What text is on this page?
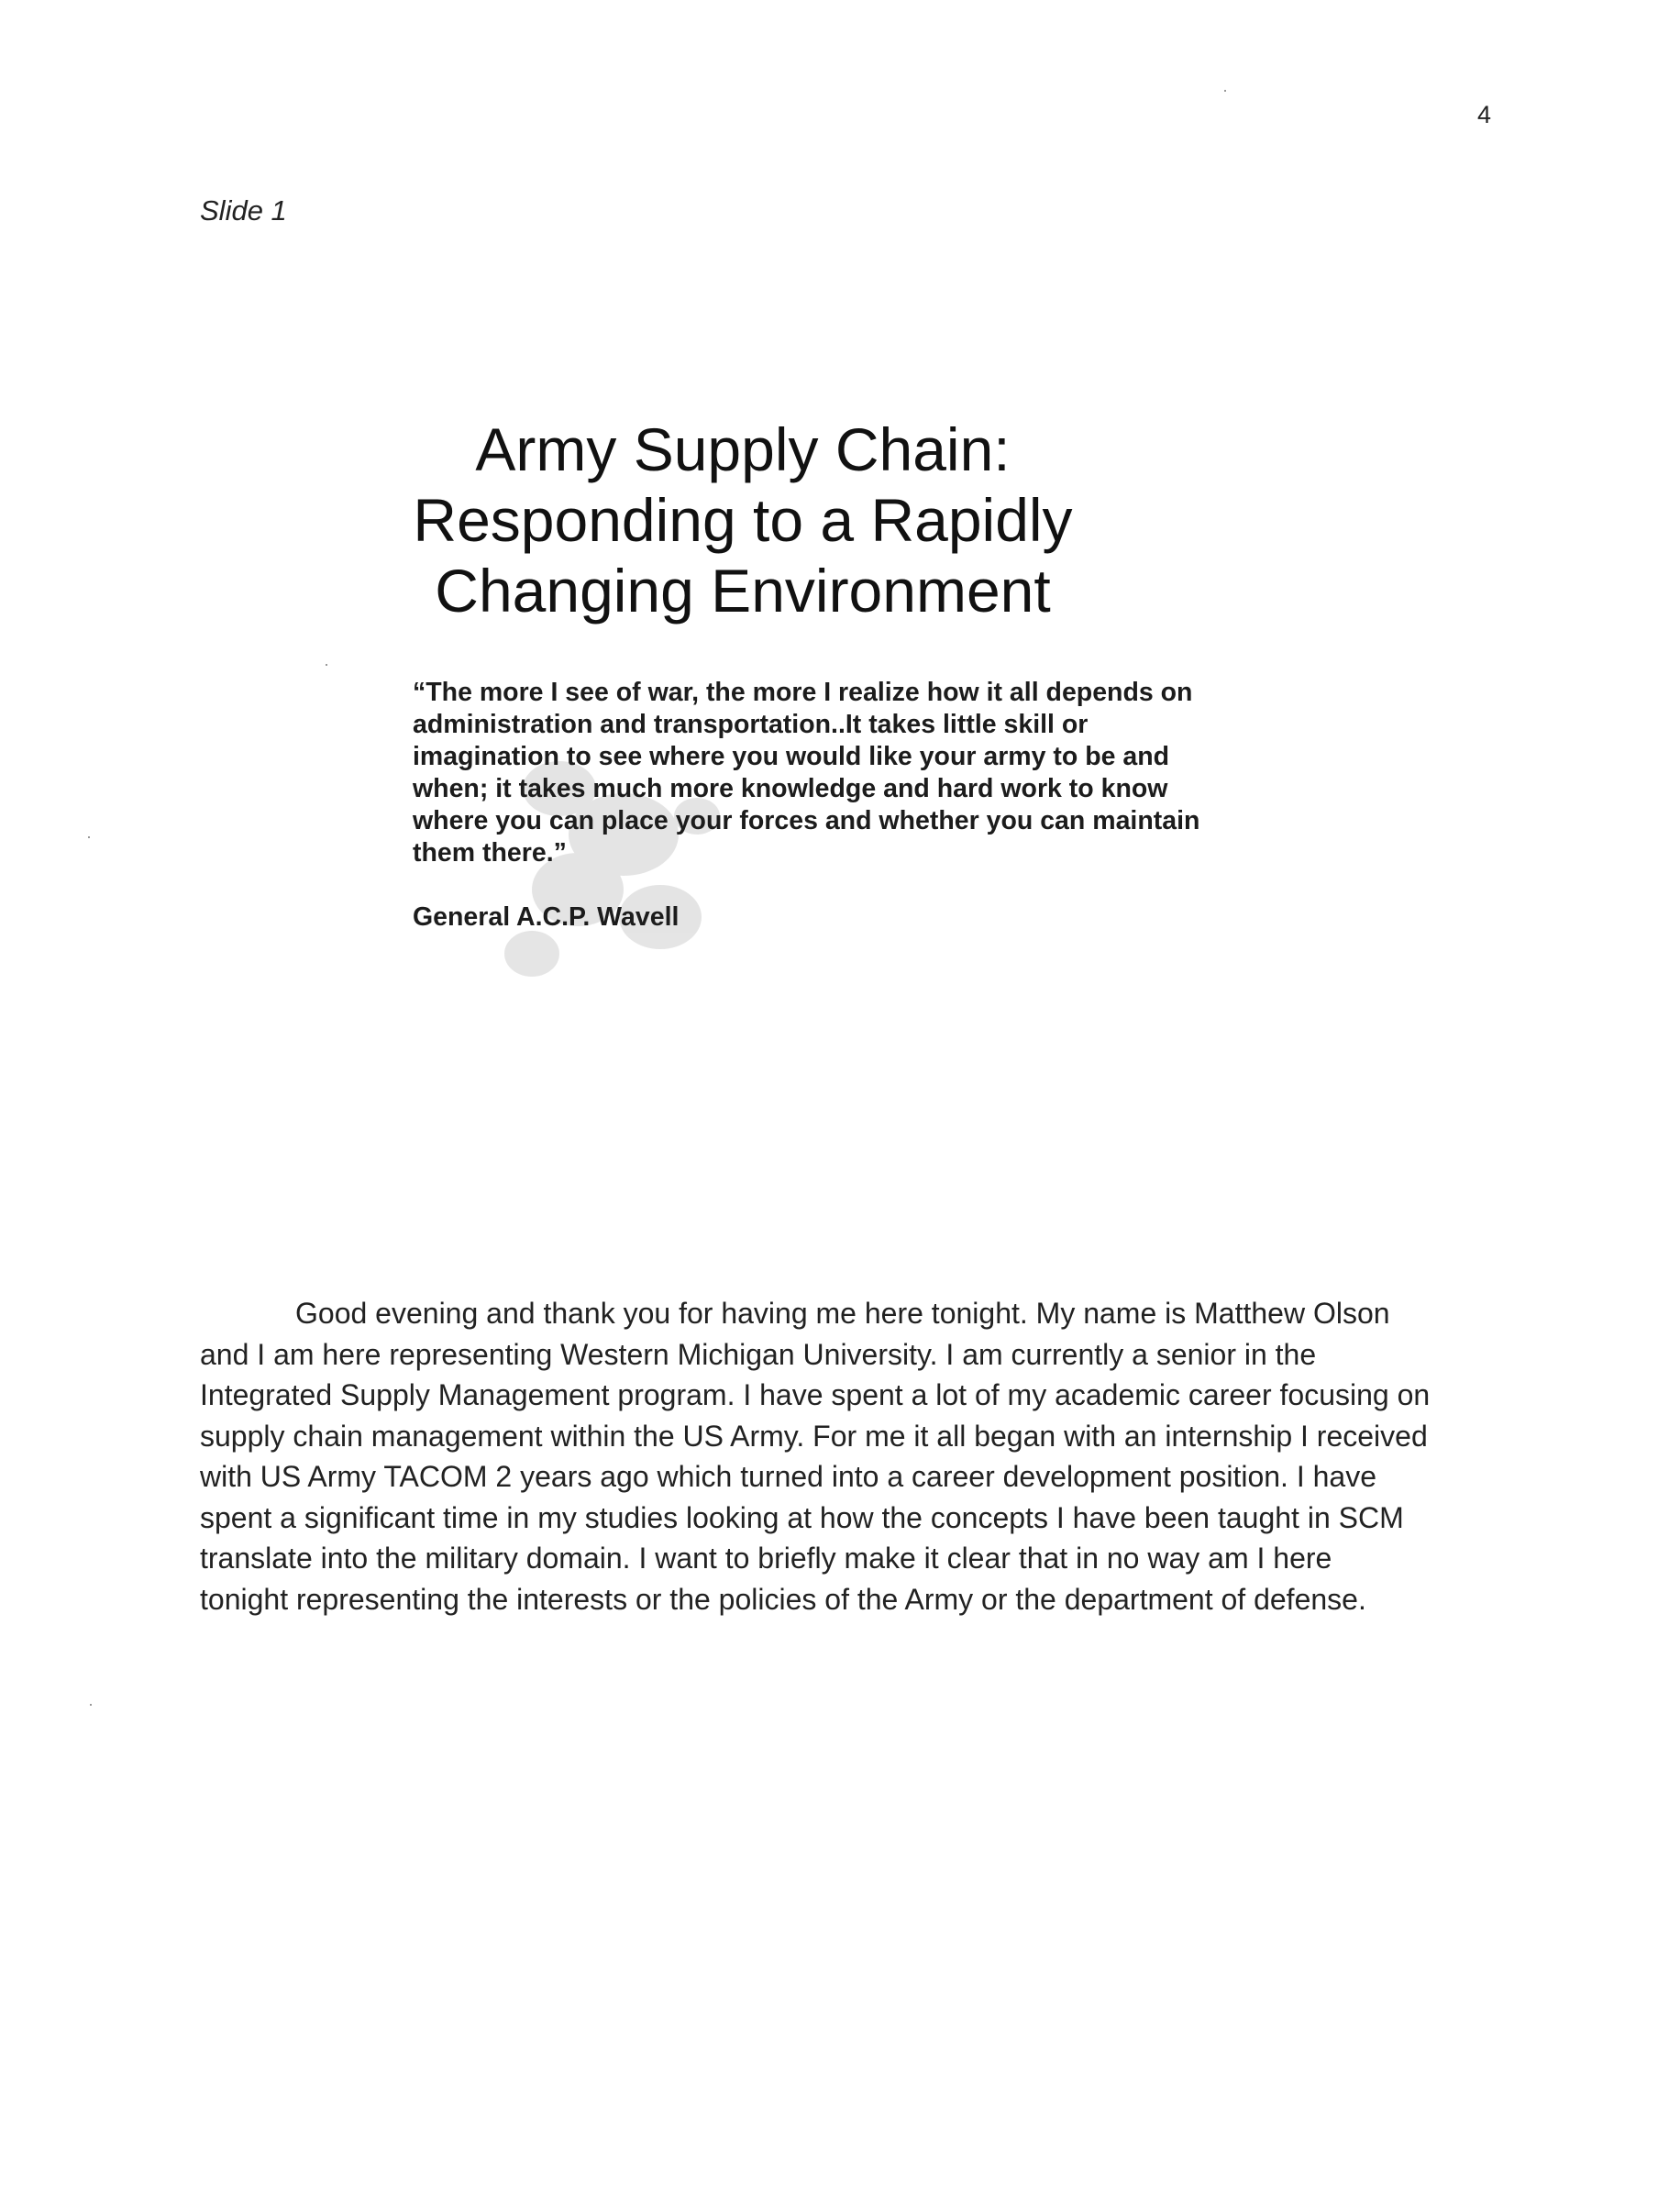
4
Slide 1
Army Supply Chain:
Responding to a Rapidly
Changing Environment
“The more I see of war, the more I realize how it all depends on
administration and transportation..It takes little skill or
imagination to see where you would like your army to be and
when; it takes much more knowledge and hard work to know
where you can place your forces and whether you can maintain
them there.”
General A.C.P. Wavell
Good evening and thank you for having me here tonight. My name is Matthew Olson
and I am here representing Western Michigan University. I am currently a senior in the
Integrated Supply Management program. I have spent a lot of my academic career focusing on
supply chain management within the US Army. For me it all began with an internship I received
with US Army TACOM 2 years ago which turned into a career development position. I have
spent a significant time in my studies looking at how the concepts I have been taught in SCM
translate into the military domain. I want to briefly make it clear that in no way am I here
tonight representing the interests or the policies of the Army or the department of defense.
